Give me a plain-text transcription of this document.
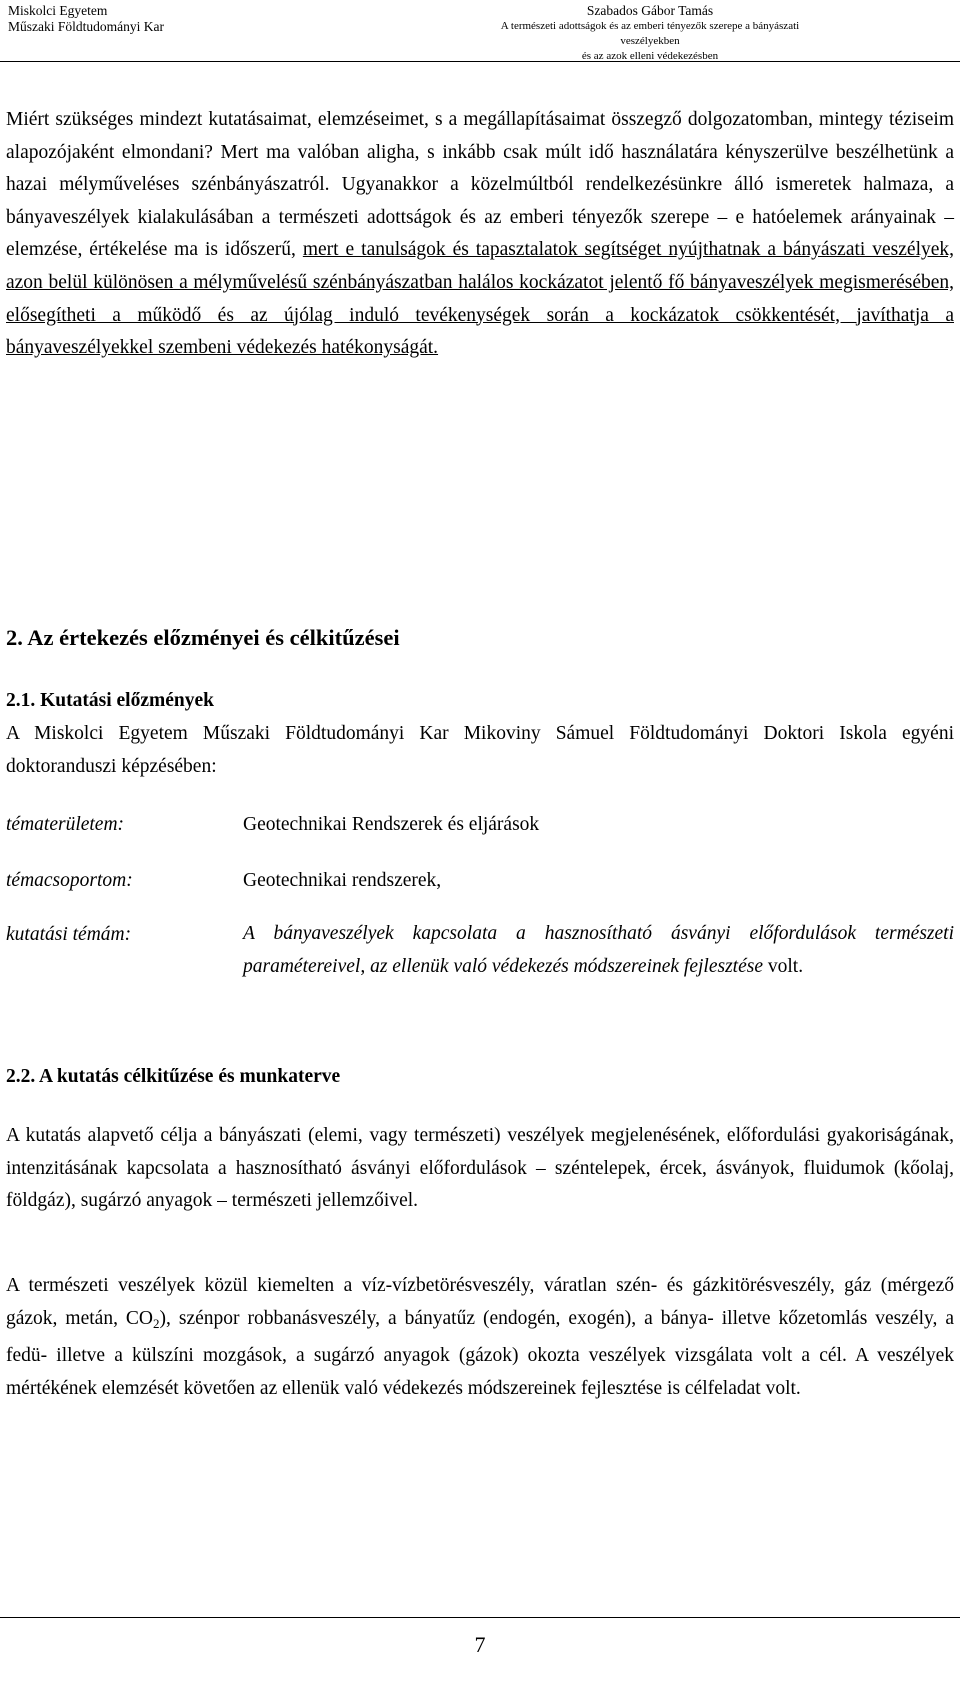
Miskolci Egyetem
Műszaki Földtudományi Kar
Szabados Gábor Tamás
A természeti adottságok és az emberi tényezők szerepe a bányászati veszélyekben
és az azok elleni védekezésben

Miért szükséges mindezt kutatásaimat, elemzéseimet, s a megállapításaimat összegző dolgozatomban, mintegy téziseim alapozójaként elmondani? Mert ma valóban aligha, s inkább csak múlt idő használatára kényszerülve beszélhetünk a hazai mélyműveléses szénbányászatról. Ugyanakkor a közelmúltból rendelkezésünkre álló ismeretek halmaza, a bányaveszélyek kialakulásában a természeti adottságok és az emberi tényezők szerepe – e hatóelemek arányainak – elemzése, értékelése ma is időszerű, mert e tanulságok és tapasztalatok segítséget nyújthatnak a bányászati veszélyek, azon belül különösen a mélyművelésű szénbányászatban halálos kockázatot jelentő fő bányaveszélyek megismerésében, elősegítheti a működő és az újólag induló tevékenységek során a kockázatok csökkentését, javíthatja a bányaveszélyekkel szembeni védekezés hatékonyságát.

2. Az értekezés előzményei és célkitűzései
2.1. Kutatási előzmények

A Miskolci Egyetem Műszaki Földtudományi Kar Mikoviny Sámuel Földtudományi Doktori Iskola egyéni doktoranduszi képzésében:

tématerületem:	Geotechnikai Rendszerek és eljárások
témacsoportom:	Geotechnikai rendszerek,
kutatási témám:	A bányaveszélyek kapcsolata a hasznosítható ásványi előfordulások természeti paramétereivel, az ellenük való védekezés módszereinek fejlesztése volt.
2.2. A kutatás célkitűzése és munkaterve

A kutatás alapvető célja a bányászati (elemi, vagy természeti) veszélyek megjelenésének, előfordulási gyakoriságának, intenzitásának kapcsolata a hasznosítható ásványi előfordulások – széntelepek, ércek, ásványok, fluidumok (kőolaj, földgáz), sugárzó anyagok – természeti jellemzőivel.

A természeti veszélyek közül kiemelten a víz-vízbetörésveszély, váratlan szén- és gázkitörésveszély, gáz (mérgező gázok, metán, $CO_2$), szénpor robbanásveszély, a bányatűz (endogén, exogén), a bánya- illetve kőzetomlás veszély, a fedü- illetve a külszíni mozgások, a sugárzó anyagok (gázok) okozta veszélyek vizsgálata volt a cél. A veszélyek mértékének elemzését követően az ellenük való védekezés módszereinek fejlesztése is célfeladat volt.

7
